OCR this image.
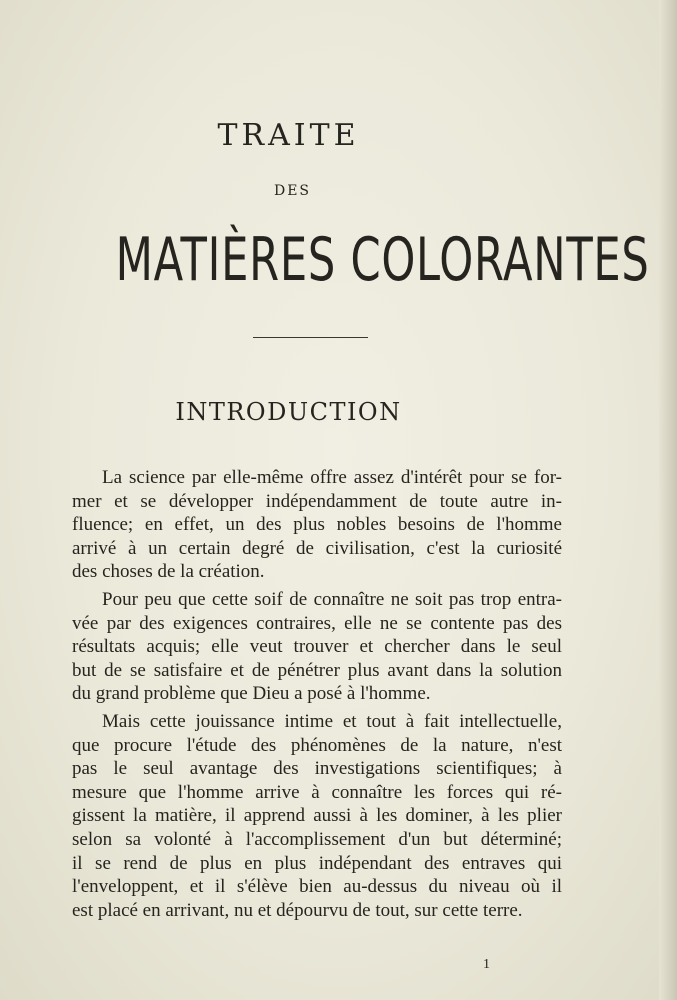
TRAITE
DES
MATIÈRES COLORANTES
INTRODUCTION
La science par elle-même offre assez d'intérêt pour se for-
mer et se développer indépendamment de toute autre in-
fluence; en effet, un des plus nobles besoins de l'homme
arrivé à un certain degré de civilisation, c'est la curiosité
des choses de la création.
Pour peu que cette soif de connaître ne soit pas trop entra-
vée par des exigences contraires, elle ne se contente pas des
résultats acquis; elle veut trouver et chercher dans le seul
but de se satisfaire et de pénétrer plus avant dans la solution
du grand problème que Dieu a posé à l'homme.
Mais cette jouissance intime et tout à fait intellectuelle,
que procure l'étude des phénomènes de la nature, n'est
pas le seul avantage des investigations scientifiques; à
mesure que l'homme arrive à connaître les forces qui ré-
gissent la matière, il apprend aussi à les dominer, à les plier
selon sa volonté à l'accomplissement d'un but déterminé;
il se rend de plus en plus indépendant des entraves qui
l'enveloppent, et il s'élève bien au-dessus du niveau où il
est placé en arrivant, nu et dépourvu de tout, sur cette terre.
1
